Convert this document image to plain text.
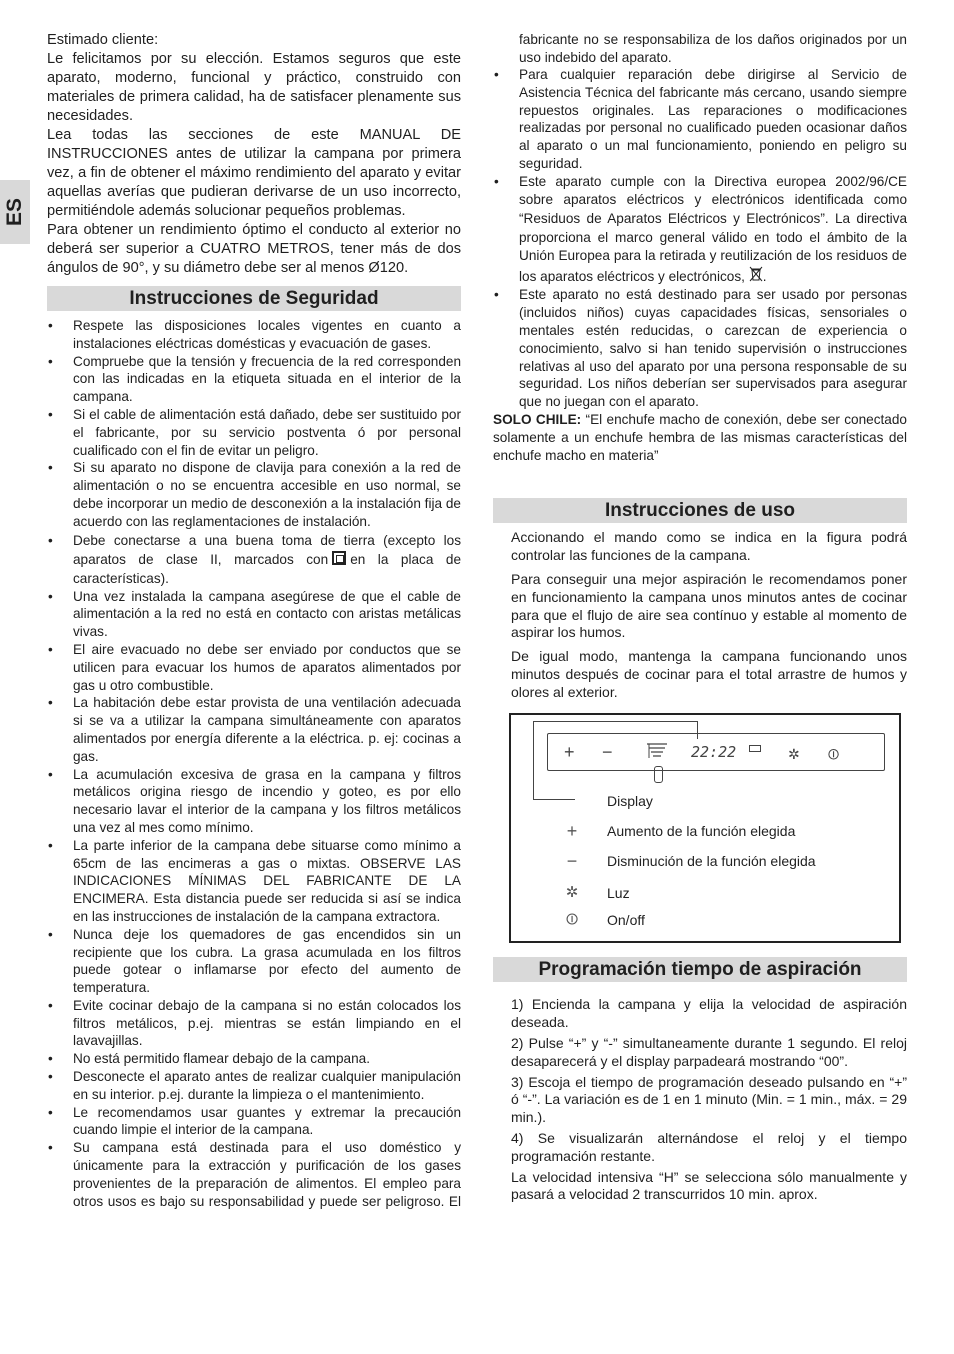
ES

Estimado cliente:

Le felicitamos por su elección. Estamos seguros que este aparato, moderno, funcional y práctico, construido con materiales de primera calidad, ha de satisfacer plenamente sus necesidades.

Lea todas las secciones de este MANUAL DE INSTRUCCIONES antes de utilizar la campana por primera vez, a fin de obtener el máximo rendimiento del aparato y evitar aquellas averías que pudieran derivarse de un uso incorrecto, permitiéndole además solucionar pequeños problemas.

Para obtener un rendimiento óptimo el conducto al exterior no deberá ser superior a CUATRO METROS, tener más de dos ángulos de 90°, y su diámetro debe ser al menos Ø120.

Instrucciones de Seguridad
• Respete las disposiciones locales vigentes en cuanto a instalaciones eléctricas domésticas y evacuación de gases.
• Compruebe que la tensión y frecuencia de la red corresponden con las indicadas en la etiqueta situada en el interior de la campana.
• Si el cable de alimentación está dañado, debe ser sustituido por el fabricante, por su servicio postventa ó por personal cualificado con el fin de evitar un peligro.
• Si su aparato no dispone de clavija para conexión a la red de alimentación o no se encuentra accesible en uso normal, se debe incorporar un medio de desconexión a la instalación fija de acuerdo con las reglamentaciones de instalación.
• Debe conectarse a una buena toma de tierra (excepto los aparatos de clase II, marcados con en la placa de características).
• Una vez instalada la campana asegúrese de que el cable de alimentación a la red no está en contacto con aristas metálicas vivas.
• El aire evacuado no debe ser enviado por conductos que se utilicen para evacuar los humos de aparatos alimentados por gas u otro combustible.
• La habitación debe estar provista de una ventilación adecuada si se va a utilizar la campana simultáneamente con aparatos alimentados por energía diferente a la eléctrica. p. ej: cocinas a gas.
• La acumulación excesiva de grasa en la campana y filtros metálicos origina riesgo de incendio y goteo, es por ello necesario lavar el interior de la campana y los filtros metálicos una vez al mes como mínimo.
• La parte inferior de la campana debe situarse como mínimo a 65cm de las encimeras a gas o mixtas. OBSERVE LAS INDICACIONES MÍNIMAS DEL FABRICANTE DE LA ENCIMERA. Esta distancia puede ser reducida si así se indica en las instrucciones de instalación de la campana extractora.
• Nunca deje los quemadores de gas encendidos sin un recipiente que los cubra. La grasa acumulada en los filtros puede gotear o inflamarse por efecto del aumento de temperatura.
• Evite cocinar debajo de la campana si no están colocados los filtros metálicos, p.ej. mientras se están limpiando en el lavavajillas.
• No está permitido flamear debajo de la campana.
• Desconecte el aparato antes de realizar cualquier manipulación en su interior. p.ej. durante la limpieza o el mantenimiento.
• Le recomendamos usar guantes y extremar la precaución cuando limpie el interior de la campana.
• Su campana está destinada para el uso doméstico y únicamente para la extracción y purificación de los gases provenientes de la preparación de alimentos. El empleo para otros usos es bajo su responsabilidad y puede ser peligroso. El
fabricante no se responsabiliza de los daños originados por un uso indebido del aparato.
• Para cualquier reparación debe dirigirse al Servicio de Asistencia Técnica del fabricante más cercano, usando siempre repuestos originales. Las reparaciones o modificaciones realizadas por personal no cualificado pueden ocasionar daños al aparato o un mal funcionamiento, poniendo en peligro su seguridad.
• Este aparato cumple con la Directiva europea 2002/96/CE sobre aparatos eléctricos y electrónicos identificada como “Residuos de Aparatos Eléctricos y Electrónicos”. La directiva proporciona el marco general válido en todo el ámbito de la Unión Europea para la retirada y reutilización de los residuos de los aparatos eléctricos y electrónicos, .
• Este aparato no está destinado para ser usado por personas (incluidos niños) cuyas capacidades físicas, sensoriales o mentales estén reducidas, o carezcan de experiencia o conocimiento, salvo si han tenido supervisión o instrucciones relativas al uso del aparato por una persona responsable de su seguridad. Los niños deberían ser supervisados para asegurar que no juegan con el aparato.
SOLO CHILE: “El enchufe macho de conexión, debe ser conectado solamente a un enchufe hembra de las mismas características del enchufe macho en materia”
Instrucciones de uso

Accionando el mando como se indica en la figura podrá controlar las funciones de la campana.

Para conseguir una mejor aspiración le recomendamos poner en funcionamiento la campana unos minutos antes de cocinar para que el flujo de aire sea contínuo y estable al momento de aspirar los humos.

De igual modo, mantenga la campana funcionando unos minutos después de cocinar para el total arrastre de humos y olores al exterior.

+ −	22:22	✲ ⏼
Display
+	Aumento de la función elegida
−	Disminución de la función elegida
✲	Luz
⏼	On/off
Programación tiempo de aspiración

1) Encienda la campana y elija la velocidad de aspiración deseada.

2) Pulse “+” y “-” simultaneamente durante 1 segundo. El reloj desaparecerá y el display parpadeará mostrando “00”.

3) Escoja el tiempo de programación deseado pulsando en “+” ó “-”. La variación es de 1 en 1 minuto (Min. = 1 min., máx. = 29 min.).

4) Se visualizarán alternándose el reloj y el tiempo programación restante.

La velocidad intensiva “H” se selecciona sólo manualmente y pasará a velocidad 2 transcurridos 10 min. aprox.
